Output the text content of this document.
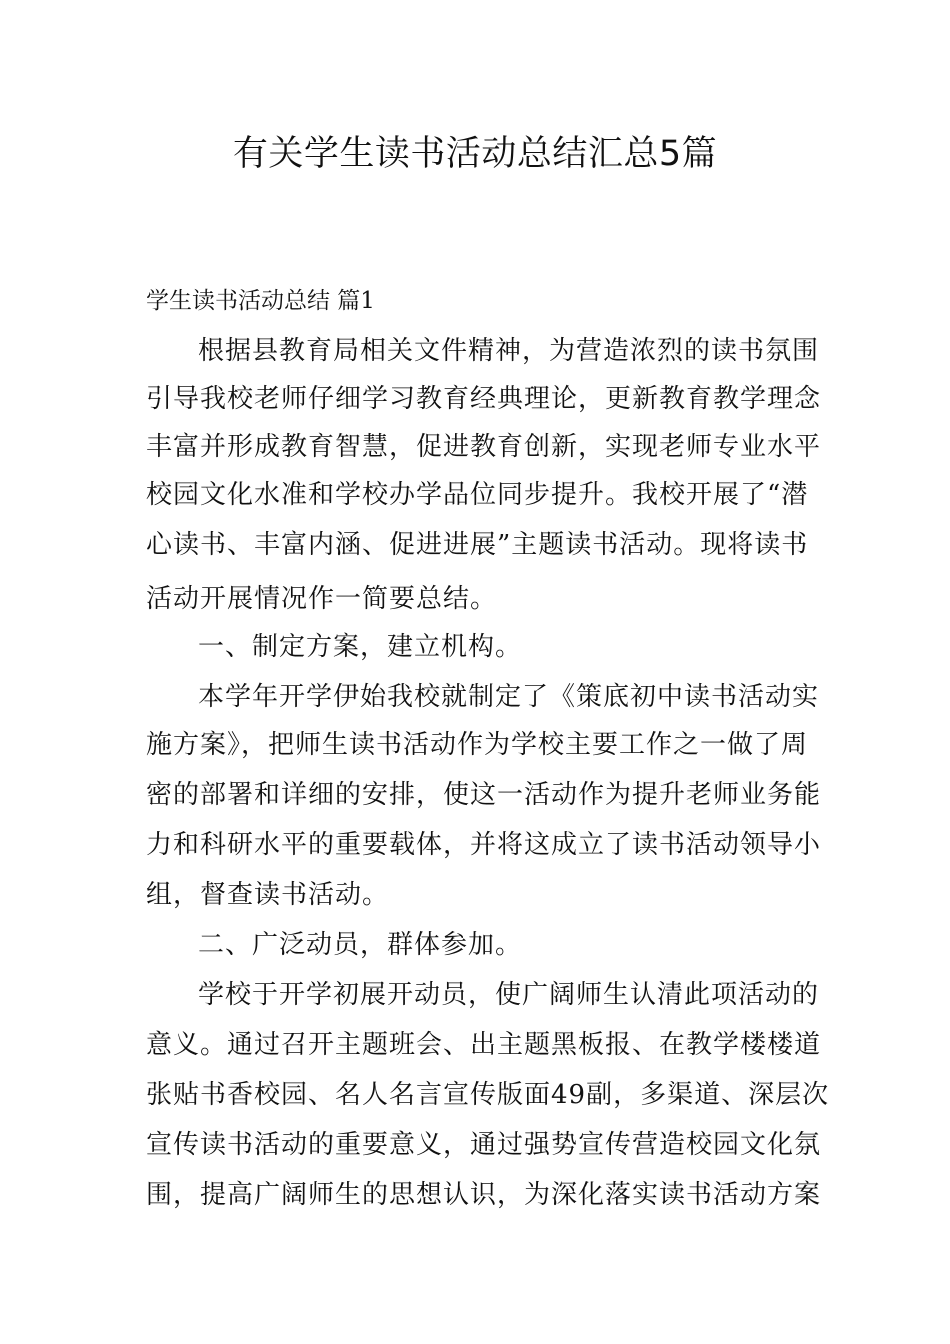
有关学生读书活动总结汇总5篇
学生读书活动总结 篇1
根据县教育局相关文件精神，为营造浓烈的读书氛围
引导我校老师仔细学习教育经典理论，更新教育教学理念
丰富并形成教育智慧，促进教育创新，实现老师专业水平
校园文化水准和学校办学品位同步提升。我校开展了“潜
心读书、丰富内涵、促进进展”主题读书活动。现将读书
活动开展情况作一简要总结。
一、制定方案，建立机构。
本学年开学伊始我校就制定了《策底初中读书活动实
施方案》，把师生读书活动作为学校主要工作之一做了周
密的部署和详细的安排，使这一活动作为提升老师业务能
力和科研水平的重要载体，并将这成立了读书活动领导小
组，督查读书活动。
二、广泛动员，群体参加。
学校于开学初展开动员，使广阔师生认清此项活动的
意义。通过召开主题班会、出主题黑板报、在教学楼楼道
张贴书香校园、名人名言宣传版面49副，多渠道、深层次
宣传读书活动的重要意义，通过强势宣传营造校园文化氛
围，提高广阔师生的思想认识，为深化落实读书活动方案
